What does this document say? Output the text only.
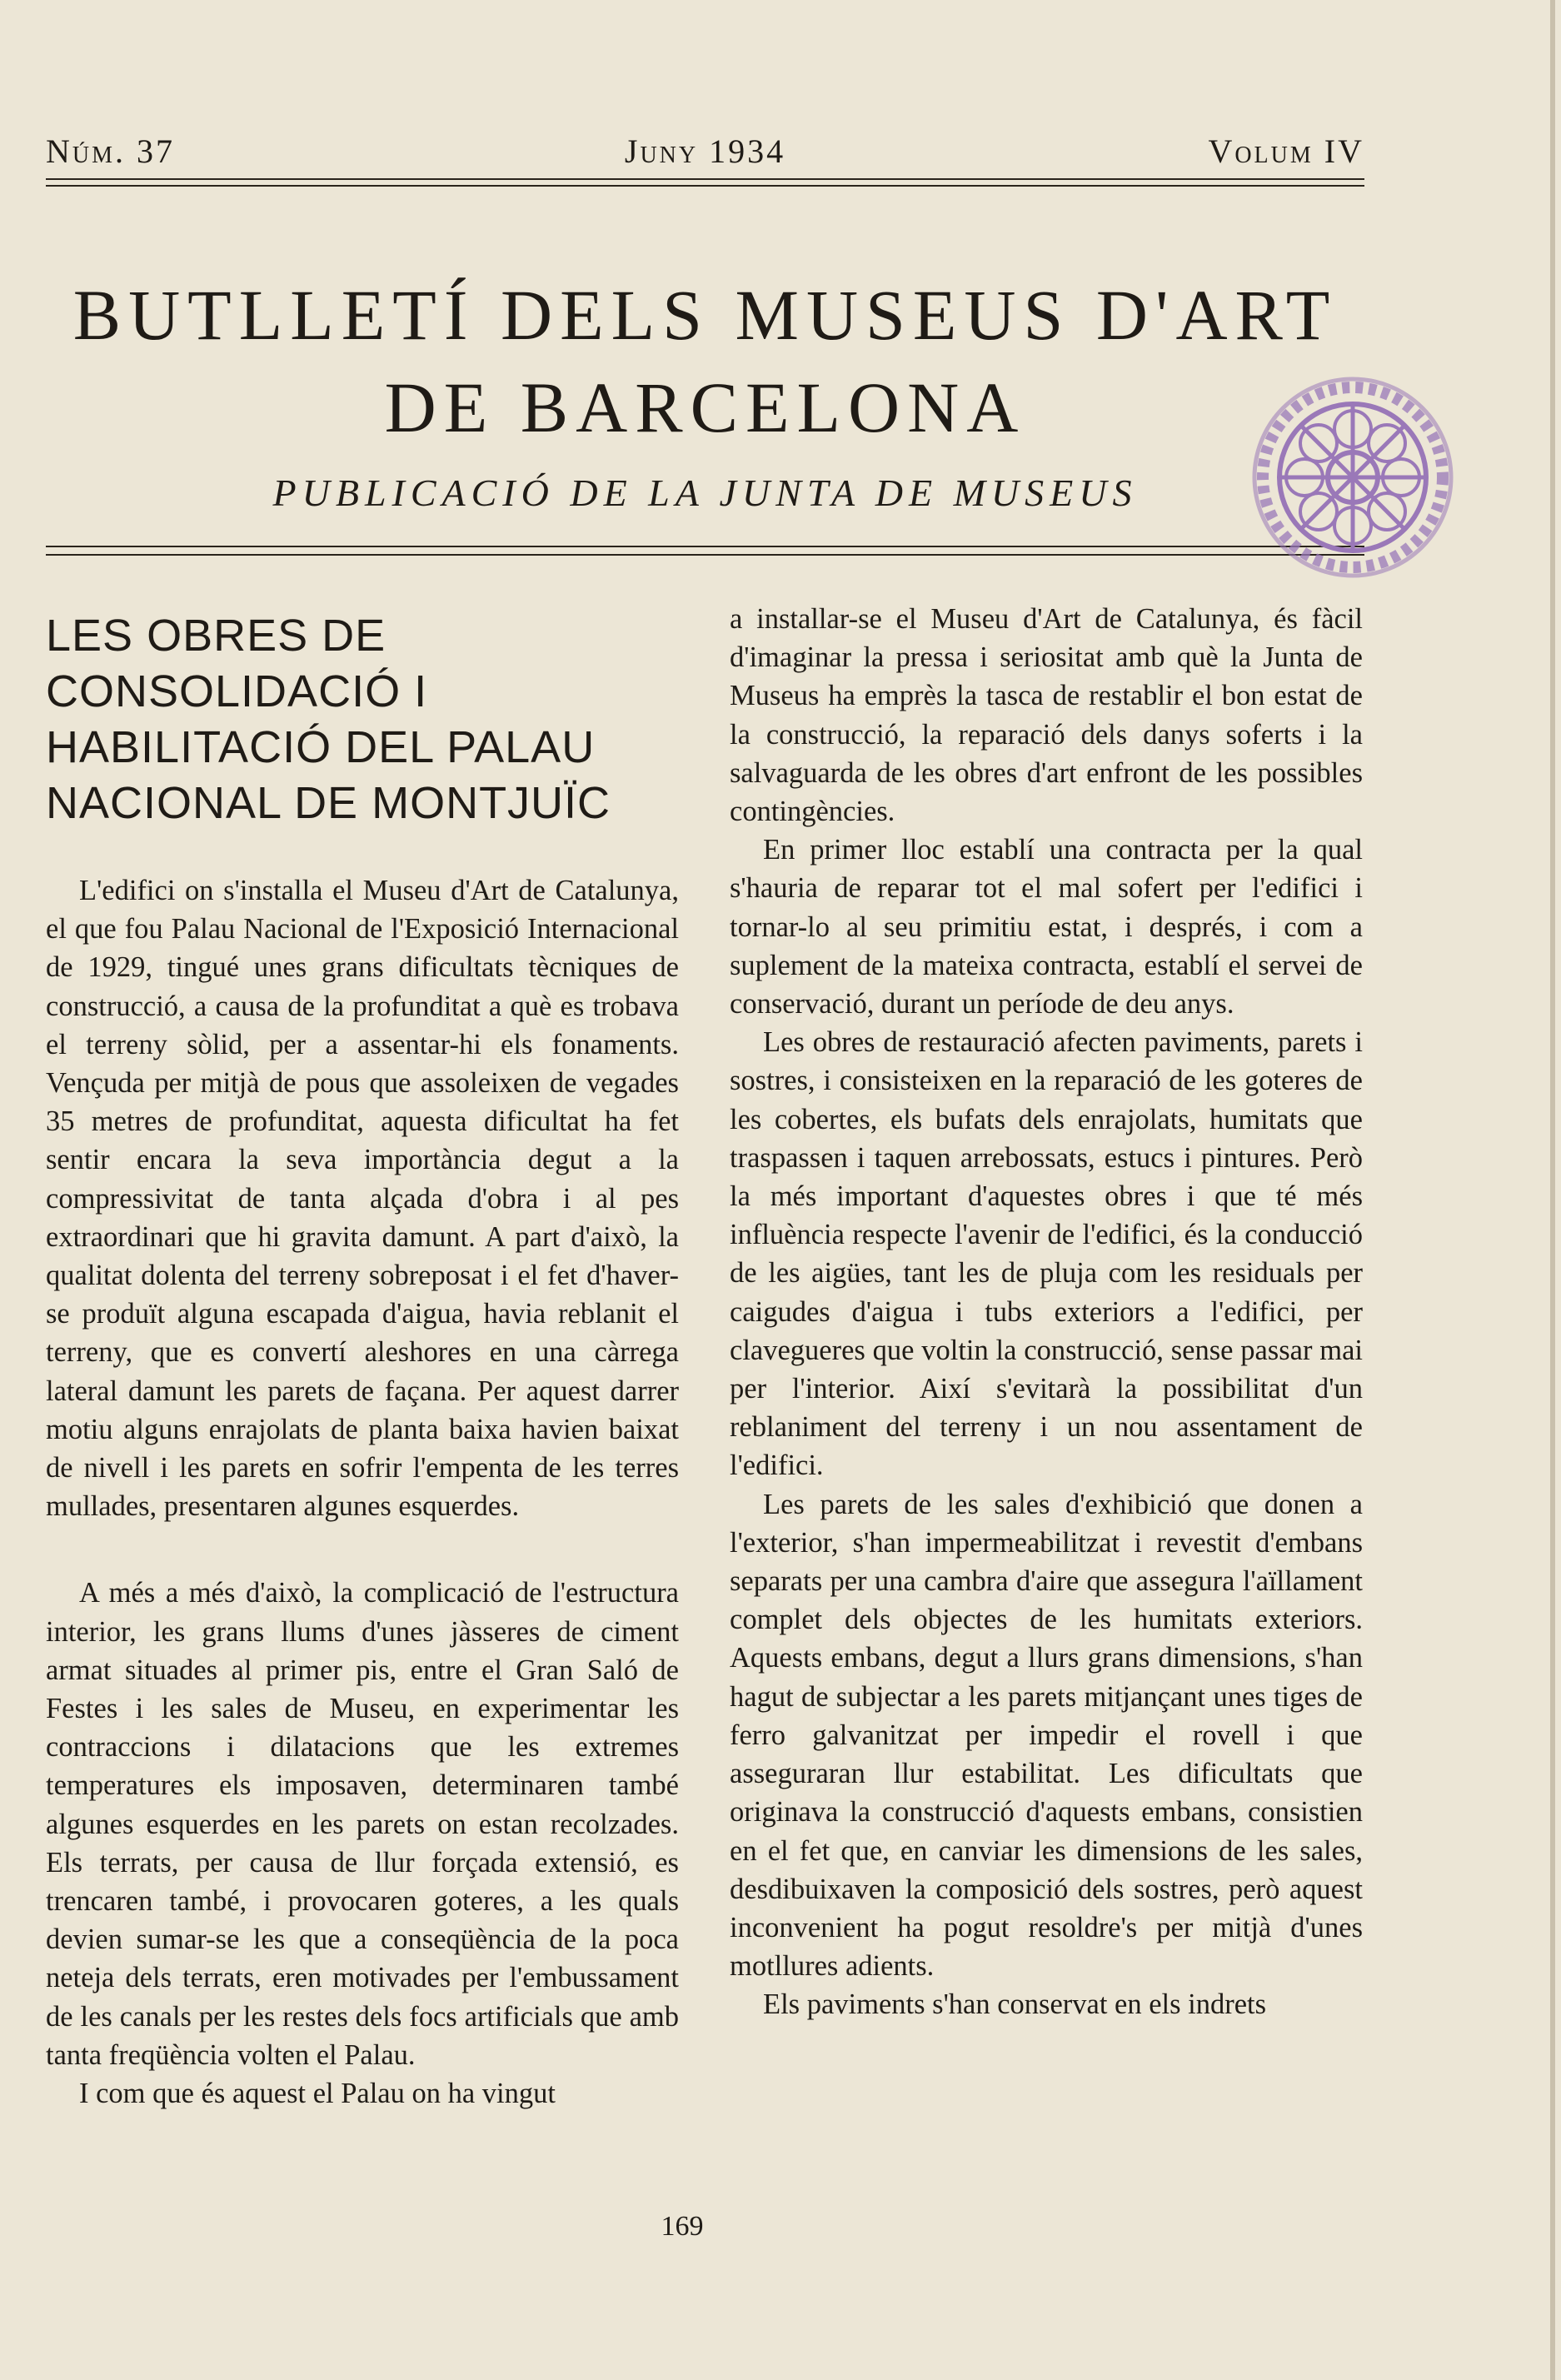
Núm. 37	Juny 1934	Volum IV
BUTLLETÍ DELS MUSEUS D'ART
DE BARCELONA
PUBLICACIÓ DE LA JUNTA DE MUSEUS
LES OBRES DE CONSOLIDACIÓ I HABILITACIÓ DEL PALAU NACIONAL DE MONTJUÏC

L'edifici on s'installa el Museu d'Art de Catalunya, el que fou Palau Nacional de l'Exposició Internacional de 1929, tingué unes grans dificultats tècniques de construcció, a causa de la profunditat a què es trobava el terreny sòlid, per a assentar-hi els fonaments. Vençuda per mitjà de pous que assoleixen de vegades 35 metres de profunditat, aquesta dificultat ha fet sentir encara la seva importància degut a la compressivitat de tanta alçada d'obra i al pes extraordinari que hi gravita damunt. A part d'això, la qualitat dolenta del terreny sobreposat i el fet d'haver-se produït alguna escapada d'aigua, havia reblanit el terreny, que es convertí aleshores en una càrrega lateral damunt les parets de façana. Per aquest darrer motiu alguns enrajolats de planta baixa havien baixat de nivell i les parets en sofrir l'empenta de les terres mullades, presentaren algunes esquerdes.

A més a més d'això, la complicació de l'estructura interior, les grans llums d'unes jàsseres de ciment armat situades al primer pis, entre el Gran Saló de Festes i les sales de Museu, en experimentar les contraccions i dilatacions que les extremes temperatures els imposaven, determinaren també algunes esquerdes en les parets on estan recolzades. Els terrats, per causa de llur forçada extensió, es trencaren també, i provocaren goteres, a les quals devien sumar-se les que a conseqüència de la poca neteja dels terrats, eren motivades per l'embussament de les canals per les restes dels focs artificials que amb tanta freqüència volten el Palau.

I com que és aquest el Palau on ha vingut

a installar-se el Museu d'Art de Catalunya, és fàcil d'imaginar la pressa i seriositat amb què la Junta de Museus ha emprès la tasca de restablir el bon estat de la construcció, la reparació dels danys soferts i la salvaguarda de les obres d'art enfront de les possibles contingències.

En primer lloc establí una contracta per la qual s'hauria de reparar tot el mal sofert per l'edifici i tornar-lo al seu primitiu estat, i després, i com a suplement de la mateixa contracta, establí el servei de conservació, durant un període de deu anys.

Les obres de restauració afecten paviments, parets i sostres, i consisteixen en la reparació de les goteres de les cobertes, els bufats dels enrajolats, humitats que traspassen i taquen arrebossats, estucs i pintures. Però la més important d'aquestes obres i que té més influència respecte l'avenir de l'edifici, és la conducció de les aigües, tant les de pluja com les residuals per caigudes d'aigua i tubs exteriors a l'edifici, per clavegueres que voltin la construcció, sense passar mai per l'interior. Així s'evitarà la possibilitat d'un reblaniment del terreny i un nou assentament de l'edifici.

Les parets de les sales d'exhibició que donen a l'exterior, s'han impermeabilitzat i revestit d'embans separats per una cambra d'aire que assegura l'aïllament complet dels objectes de les humitats exteriors. Aquests embans, degut a llurs grans dimensions, s'han hagut de subjectar a les parets mitjançant unes tiges de ferro galvanitzat per impedir el rovell i que asseguraran llur estabilitat. Les dificultats que originava la construcció d'aquests embans, consistien en el fet que, en canviar les dimensions de les sales, desdibuixaven la composició dels sostres, però aquest inconvenient ha pogut resoldre's per mitjà d'unes motllures adients.

Els paviments s'han conservat en els indrets

169
